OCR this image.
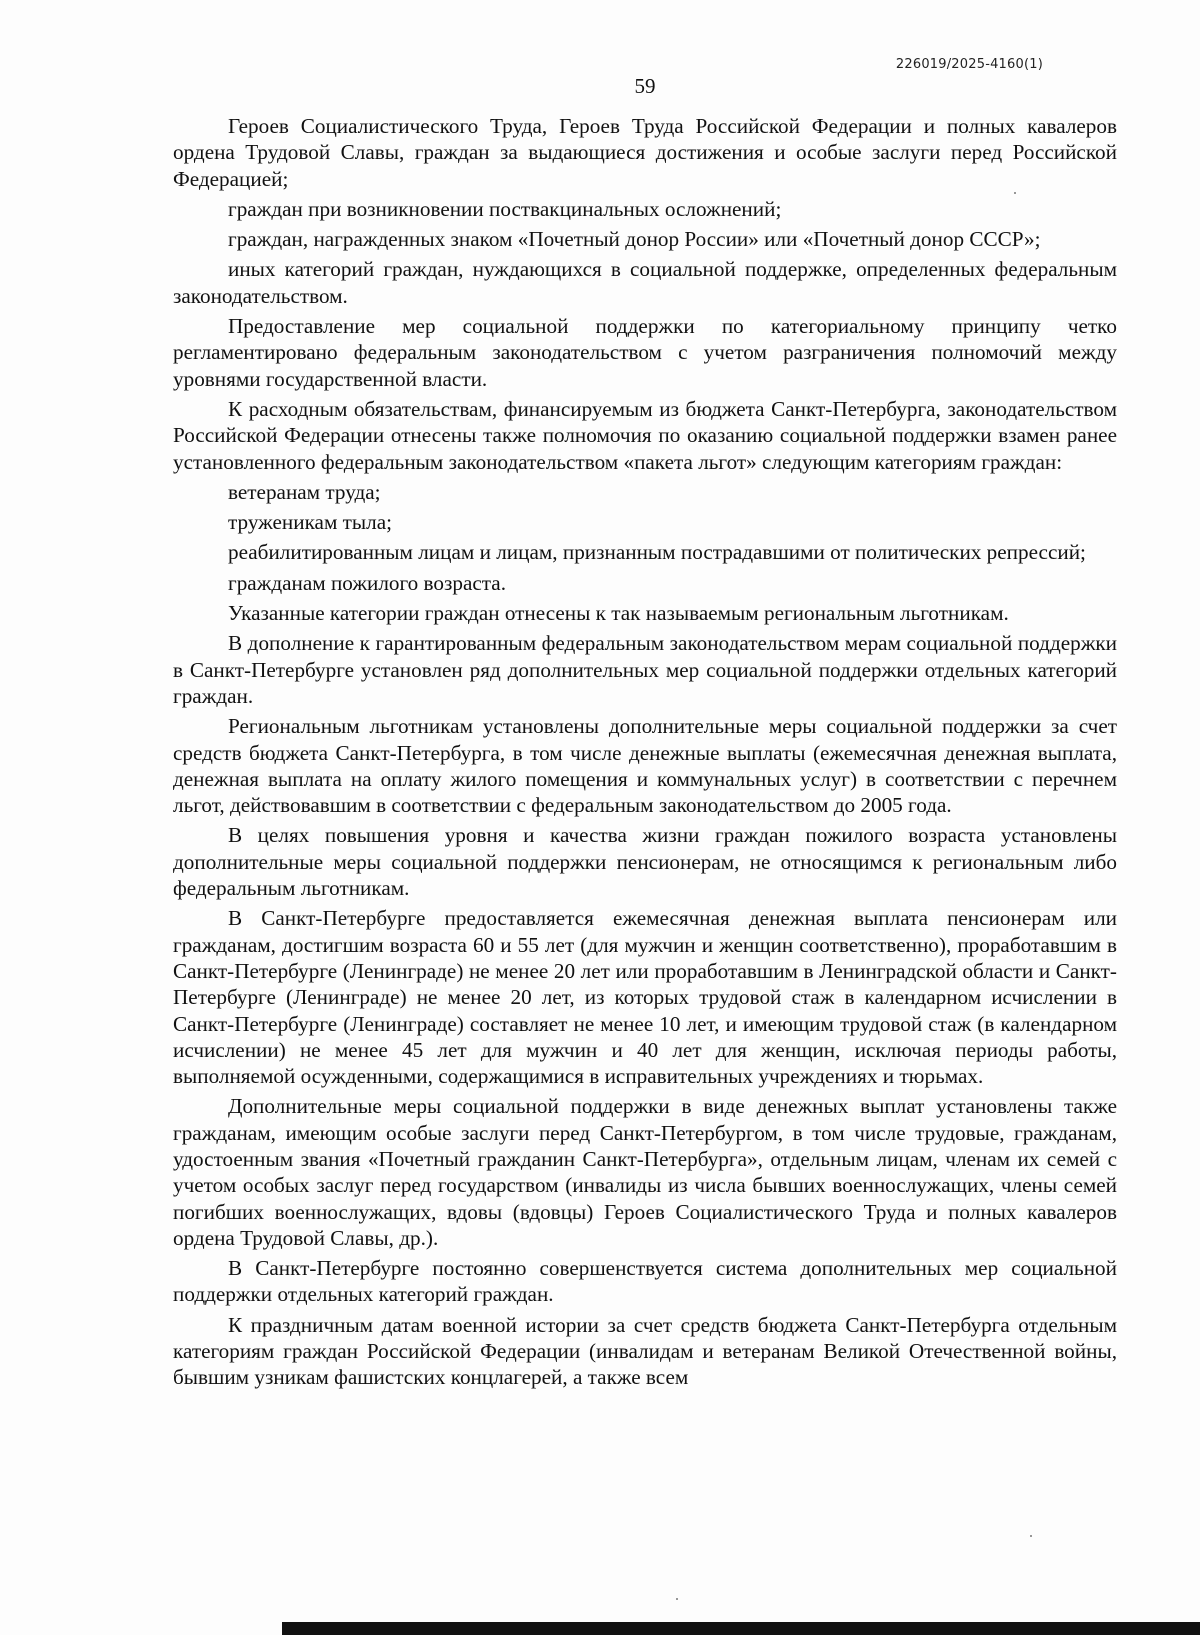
226019/2025-4160(1)
59

Героев Социалистического Труда, Героев Труда Российской Федерации и полных кавалеров ордена Трудовой Славы, граждан за выдающиеся достижения и особые заслуги перед Российской Федерацией;

граждан при возникновении поствакцинальных осложнений;

граждан, награжденных знаком «Почетный донор России» или «Почетный донор СССР»;

иных категорий граждан, нуждающихся в социальной поддержке, определенных федеральным законодательством.

Предоставление мер социальной поддержки по категориальному принципу четко регламентировано федеральным законодательством с учетом разграничения полномочий между уровнями государственной власти.

К расходным обязательствам, финансируемым из бюджета Санкт-Петербурга, законодательством Российской Федерации отнесены также полномочия по оказанию социальной поддержки взамен ранее установленного федеральным законодательством «пакета льгот» следующим категориям граждан:

ветеранам труда;

труженикам тыла;

реабилитированным лицам и лицам, признанным пострадавшими от политических репрессий;

гражданам пожилого возраста.

Указанные категории граждан отнесены к так называемым региональным льготникам.

В дополнение к гарантированным федеральным законодательством мерам социальной поддержки в Санкт-Петербурге установлен ряд дополнительных мер социальной поддержки отдельных категорий граждан.

Региональным льготникам установлены дополнительные меры социальной поддержки за счет средств бюджета Санкт-Петербурга, в том числе денежные выплаты (ежемесячная денежная выплата, денежная выплата на оплату жилого помещения и коммунальных услуг) в соответствии с перечнем льгот, действовавшим в соответствии с федеральным законодательством до 2005 года.

В целях повышения уровня и качества жизни граждан пожилого возраста установлены дополнительные меры социальной поддержки пенсионерам, не относящимся к региональным либо федеральным льготникам.

В Санкт-Петербурге предоставляется ежемесячная денежная выплата пенсионерам или гражданам, достигшим возраста 60 и 55 лет (для мужчин и женщин соответственно), проработавшим в Санкт-Петербурге (Ленинграде) не менее 20 лет или проработавшим в Ленинградской области и Санкт-Петербурге (Ленинграде) не менее 20 лет, из которых трудовой стаж в календарном исчислении в Санкт-Петербурге (Ленинграде) составляет не менее 10 лет, и имеющим трудовой стаж (в календарном исчислении) не менее 45 лет для мужчин и 40 лет для женщин, исключая периоды работы, выполняемой осужденными, содержащимися в исправительных учреждениях и тюрьмах.

Дополнительные меры социальной поддержки в виде денежных выплат установлены также гражданам, имеющим особые заслуги перед Санкт-Петербургом, в том числе трудовые, гражданам, удостоенным звания «Почетный гражданин Санкт-Петербурга», отдельным лицам, членам их семей с учетом особых заслуг перед государством (инвалиды из числа бывших военнослужащих, члены семей погибших военнослужащих, вдовы (вдовцы) Героев Социалистического Труда и полных кавалеров ордена Трудовой Славы, др.).

В Санкт-Петербурге постоянно совершенствуется система дополнительных мер социальной поддержки отдельных категорий граждан.

К праздничным датам военной истории за счет средств бюджета Санкт-Петербурга отдельным категориям граждан Российской Федерации (инвалидам и ветеранам Великой Отечественной войны, бывшим узникам фашистских концлагерей, а также всем
